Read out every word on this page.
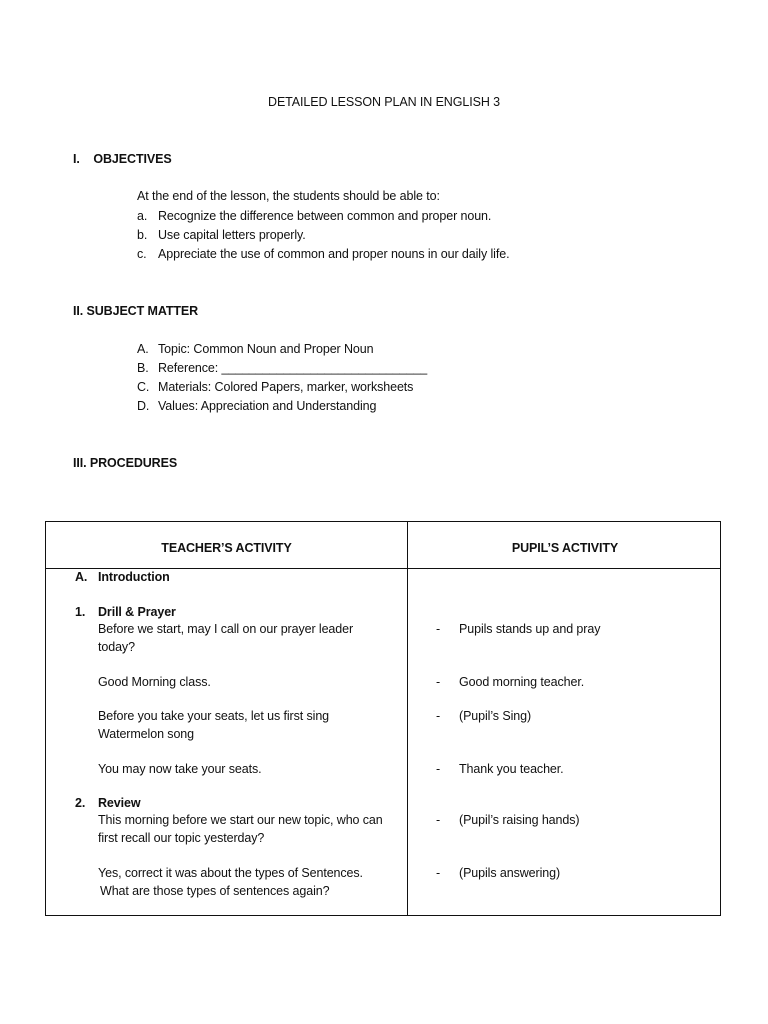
DETAILED LESSON PLAN IN ENGLISH 3
I. OBJECTIVES
At the end of the lesson, the students should be able to:
a. Recognize the difference between common and proper noun.
b. Use capital letters properly.
c. Appreciate the use of common and proper nouns in our daily life.
II. SUBJECT MATTER
A. Topic: Common Noun and Proper Noun
B. Reference: ______________________________
C. Materials: Colored Papers, marker, worksheets
D. Values: Appreciation and Understanding
III. PROCEDURES
TEACHER’S ACTIVITY	PUPIL’S ACTIVITY
A. Introduction
1. Drill & Prayer
Before we start, may I call on our prayer leader
today?
Good Morning class.
Before you take your seats, let us first sing
Watermelon song
You may now take your seats.
2. Review
This morning before we start our new topic, who can
first recall our topic yesterday?
Yes, correct it was about the types of Sentences.
What are those types of sentences again?
- Pupils stands up and pray
- Good morning teacher.
- (Pupil’s Sing)
- Thank you teacher.
- (Pupil’s raising hands)
- (Pupils answering)
